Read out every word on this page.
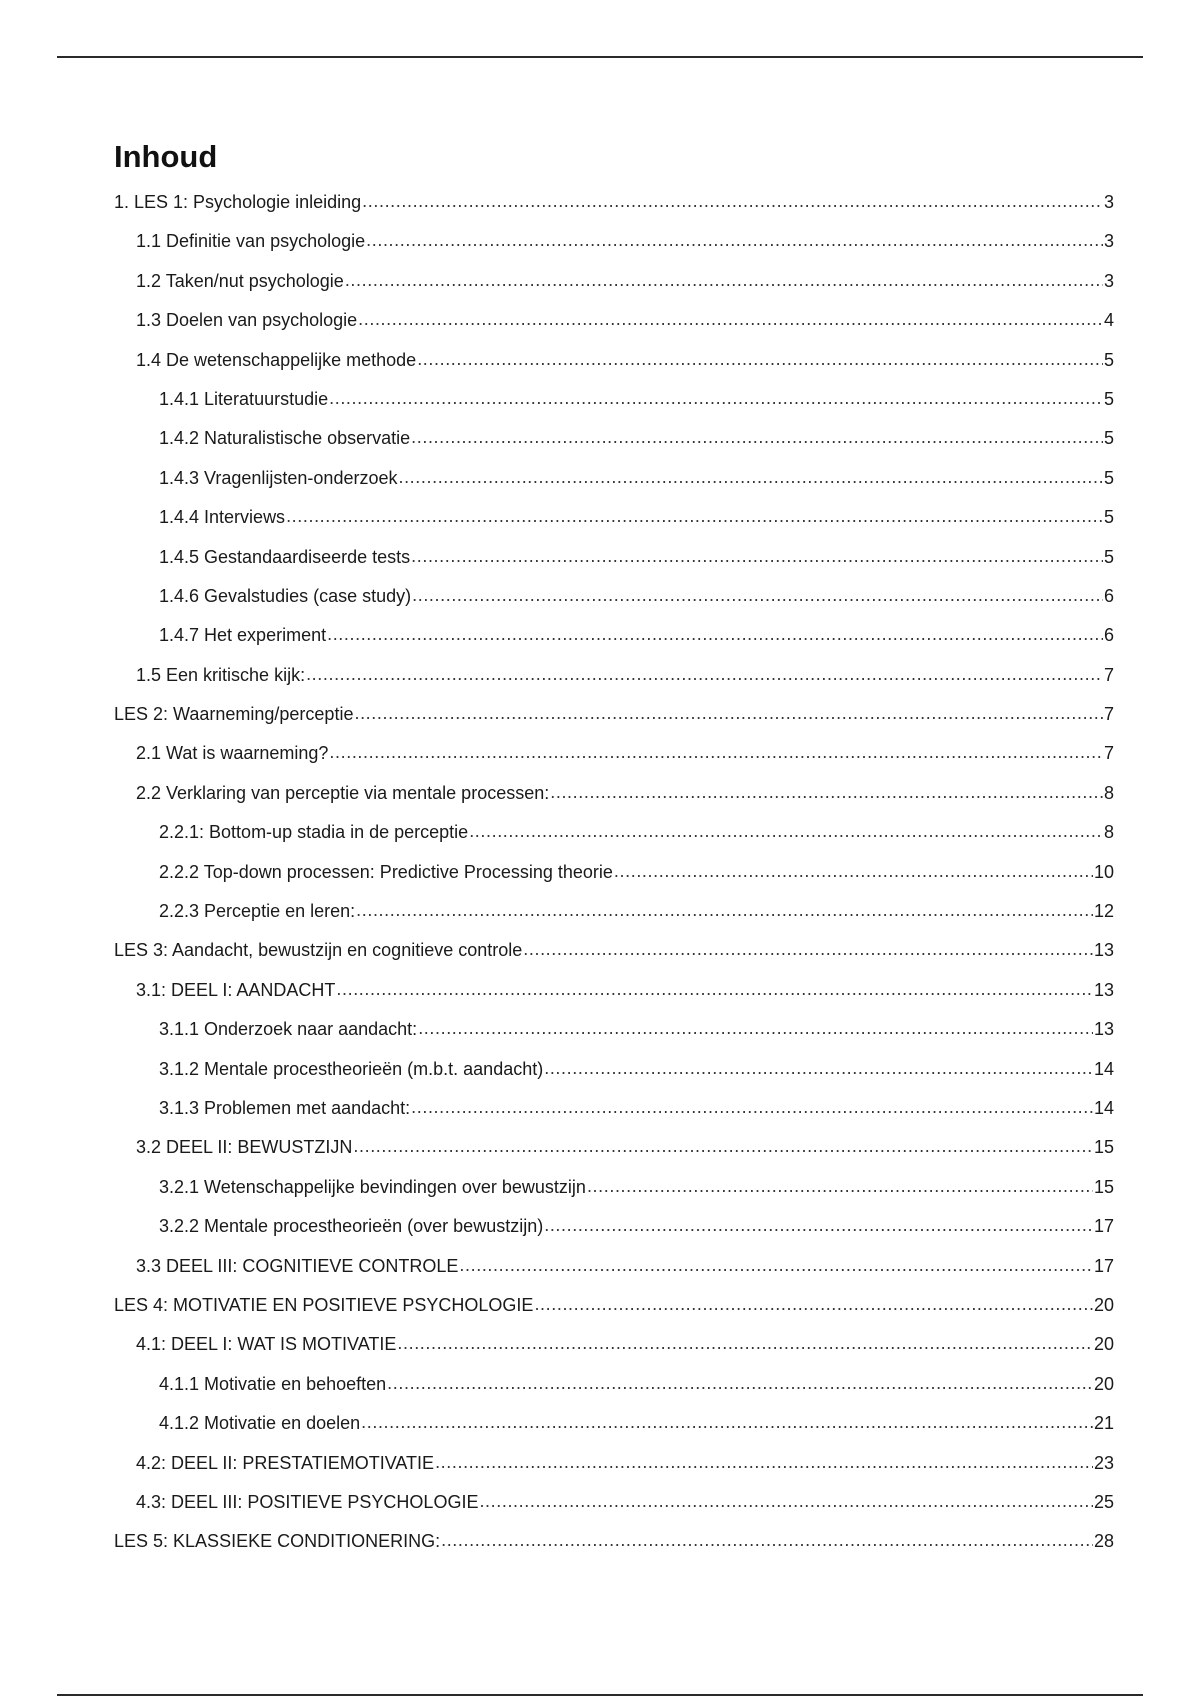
Inhoud
1. LES 1: Psychologie inleiding .....	3
1.1 Definitie van psychologie .....	3
1.2 Taken/nut psychologie .....	3
1.3 Doelen van psychologie .....	4
1.4 De wetenschappelijke methode .....	5
1.4.1 Literatuurstudie .....	5
1.4.2 Naturalistische observatie .....	5
1.4.3 Vragenlijsten-onderzoek .....	5
1.4.4 Interviews .....	5
1.4.5 Gestandaardiseerde tests .....	5
1.4.6 Gevalstudies (case study) .....	6
1.4.7 Het experiment .....	6
1.5 Een kritische kijk: .....	7
LES 2: Waarneming/perceptie .....	7
2.1 Wat is waarneming? .....	7
2.2 Verklaring van perceptie via mentale processen: .....	8
2.2.1: Bottom-up stadia in de perceptie .....	8
2.2.2 Top-down processen: Predictive Processing theorie .....	10
2.2.3 Perceptie en leren: .....	12
LES 3: Aandacht, bewustzijn en cognitieve controle .....	13
3.1: DEEL I: AANDACHT .....	13
3.1.1 Onderzoek naar aandacht: .....	13
3.1.2 Mentale procestheorieën (m.b.t. aandacht) .....	14
3.1.3 Problemen met aandacht: .....	14
3.2 DEEL II: BEWUSTZIJN .....	15
3.2.1 Wetenschappelijke bevindingen over bewustzijn .....	15
3.2.2 Mentale procestheorieën (over bewustzijn) .....	17
3.3 DEEL III: COGNITIEVE CONTROLE .....	17
LES 4: MOTIVATIE EN POSITIEVE PSYCHOLOGIE .....	20
4.1: DEEL I: WAT IS MOTIVATIE .....	20
4.1.1 Motivatie en behoeften .....	20
4.1.2 Motivatie en doelen .....	21
4.2: DEEL II: PRESTATIEMOTIVATIE .....	23
4.3: DEEL III: POSITIEVE PSYCHOLOGIE .....	25
LES 5: KLASSIEKE CONDITIONERING: .....	28
